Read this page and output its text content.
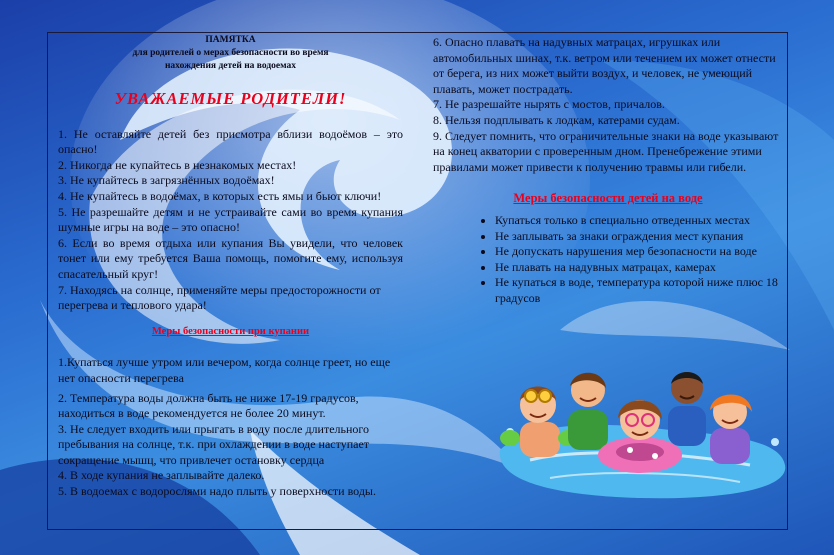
ПАМЯТКА
для родителей о мерах безопасности во время
нахождения детей на водоемах
УВАЖАЕМЫЕ РОДИТЕЛИ!
1. Не оставляйте детей без присмотра вблизи водоёмов – это опасно!
2. Никогда не купайтесь в незнакомых местах!
3. Не купайтесь в загрязнённых водоёмах!
4. Не купайтесь в водоёмах, в которых есть ямы и бьют ключи!
5. Не разрешайте детям и не устраивайте сами во время купания шумные игры на воде – это опасно!
6. Если во время отдыха или купания Вы увидели, что человек тонет или ему требуется Ваша помощь, помогите ему, используя спасательный круг!
7. Находясь на солнце, применяйте меры предосторожности от перегрева и теплового удара!
Меры безопасности при купании
1.Купаться лучше утром или вечером, когда солнце греет, но еще нет опасности перегрева
2. Температура воды должна быть не ниже 17-19 градусов, находиться в воде рекомендуется не более 20 минут.
3. Не следует входить или прыгать в воду после длительного пребывания на солнце, т.к. при охлаждении в воде наступает сокращение мышц, что привлечет остановку сердца
4. В ходе купания не заплывайте далеко.
5. В водоемах с водорослями надо плыть у поверхности воды.
6. Опасно плавать на надувных матрацах, игрушках или автомобильных шинах, т.к. ветром или течением их может отнести от берега, из них может выйти воздух, и человек, не умеющий плавать, может пострадать.
7. Не разрешайте нырять с мостов, причалов.
8. Нельзя подплывать к лодкам, катерами судам.
9. Следует помнить, что ограничительные знаки на воде указывают на конец акватории с проверенным дном. Пренебрежение этими правилами может привести к получению травмы или гибели.
Меры безопасности детей на воде
• Купаться только в специально отведенных местах
• Не заплывать за знаки ограждения мест купания
• Не допускать нарушения мер безопасности на воде
• Не плавать на надувных матрацах, камерах
• Не купаться в воде, температура которой ниже плюс 18 градусов
